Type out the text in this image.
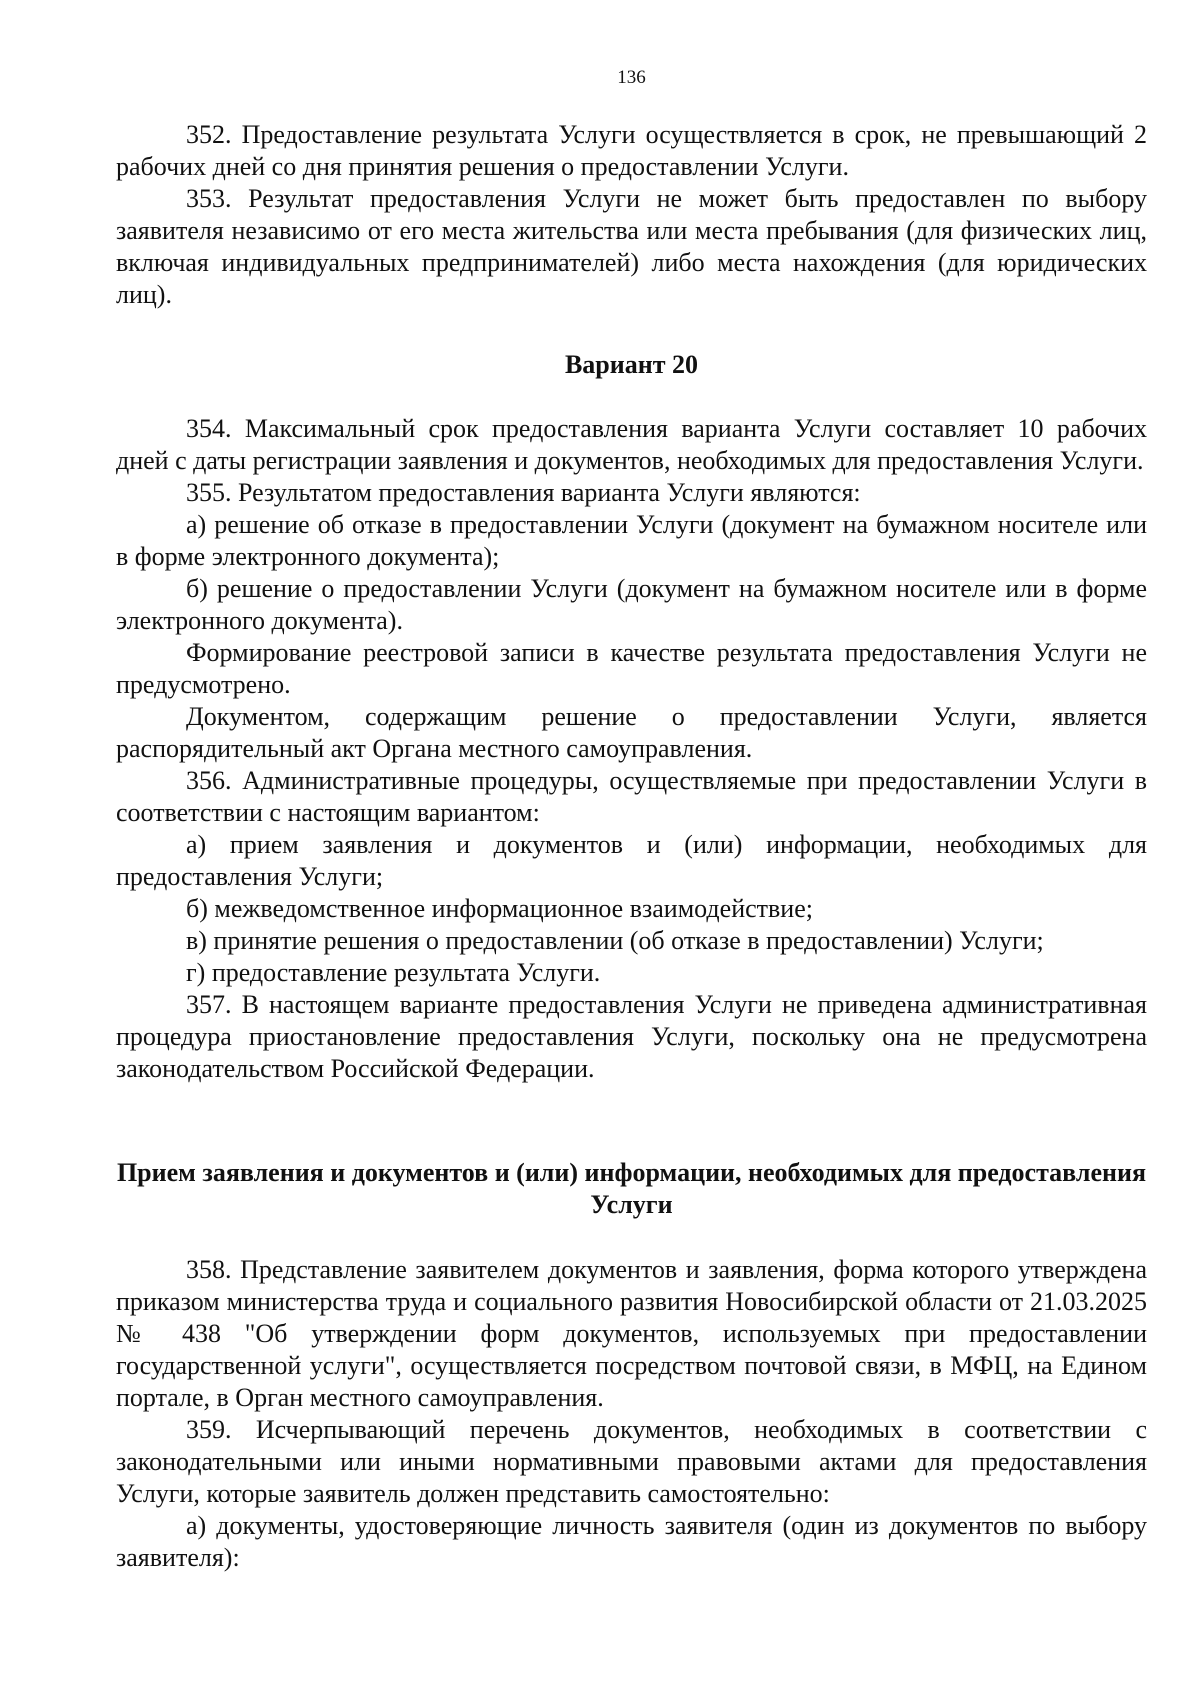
136

352. Предоставление результата Услуги осуществляется в срок, не превышающий 2 рабочих дней со дня принятия решения о предоставлении Услуги.

353. Результат предоставления Услуги не может быть предоставлен по выбору заявителя независимо от его места жительства или места пребывания (для физических лиц, включая индивидуальных предпринимателей) либо места нахождения (для юридических лиц).

Вариант 20

354. Максимальный срок предоставления варианта Услуги составляет 10 рабочих дней с даты регистрации заявления и документов, необходимых для предоставления Услуги.

355. Результатом предоставления варианта Услуги являются:

а) решение об отказе в предоставлении Услуги (документ на бумажном носителе или в форме электронного документа);

б) решение о предоставлении Услуги (документ на бумажном носителе или в форме электронного документа).

Формирование реестровой записи в качестве результата предоставления Услуги не предусмотрено.

Документом, содержащим решение о предоставлении Услуги, является распорядительный акт Органа местного самоуправления.

356. Административные процедуры, осуществляемые при предоставлении Услуги в соответствии с настоящим вариантом:

а) прием заявления и документов и (или) информации, необходимых для предоставления Услуги;

б) межведомственное информационное взаимодействие;

в) принятие решения о предоставлении (об отказе в предоставлении) Услуги;

г) предоставление результата Услуги.

357. В настоящем варианте предоставления Услуги не приведена административная процедура приостановление предоставления Услуги, поскольку она не предусмотрена законодательством Российской Федерации.

Прием заявления и документов и (или) информации, необходимых для предоставления Услуги

358. Представление заявителем документов и заявления, форма которого утверждена приказом министерства труда и социального развития Новосибирской области от 21.03.2025 № 438 "Об утверждении форм документов, используемых при предоставлении государственной услуги", осуществляется посредством почтовой связи, в МФЦ, на Едином портале, в Орган местного самоуправления.

359. Исчерпывающий перечень документов, необходимых в соответствии с законодательными или иными нормативными правовыми актами для предоставления Услуги, которые заявитель должен представить самостоятельно:

а) документы, удостоверяющие личность заявителя (один из документов по выбору заявителя):
